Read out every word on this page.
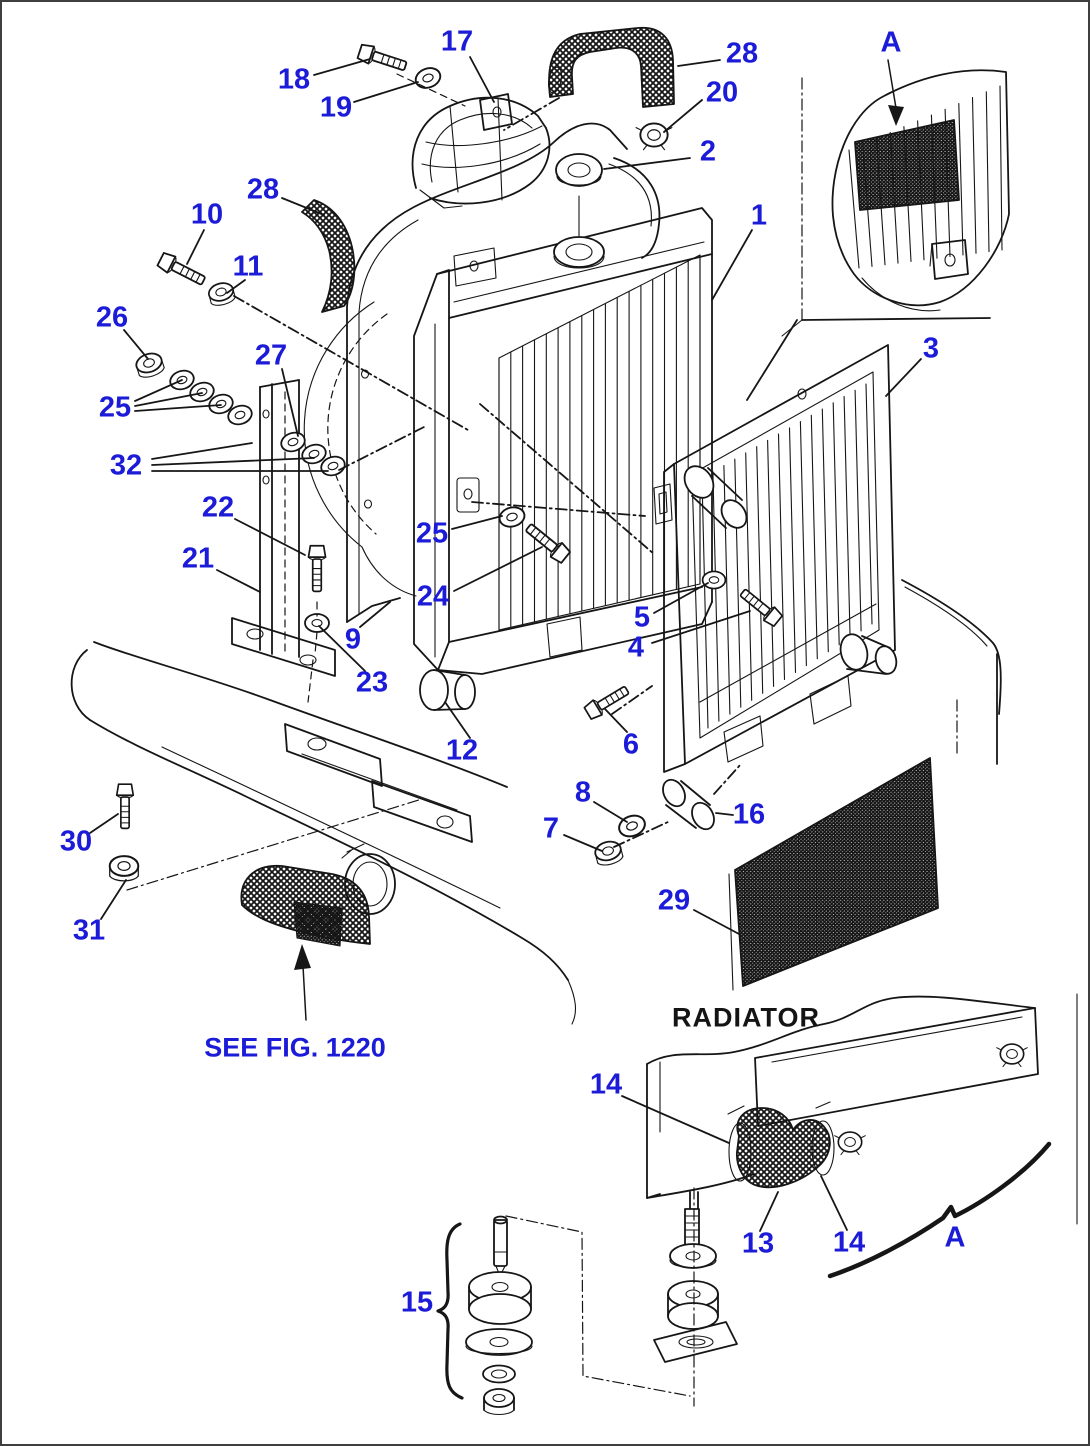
17
18
19
28
20
2
1
28
10
11
26
27
25
32
3
22
21
25
24
9
23
5
4
12	6
8
7	16
29
30
31
14
13 14
15
A
A
RADIATOR
SEE FIG. 1220
